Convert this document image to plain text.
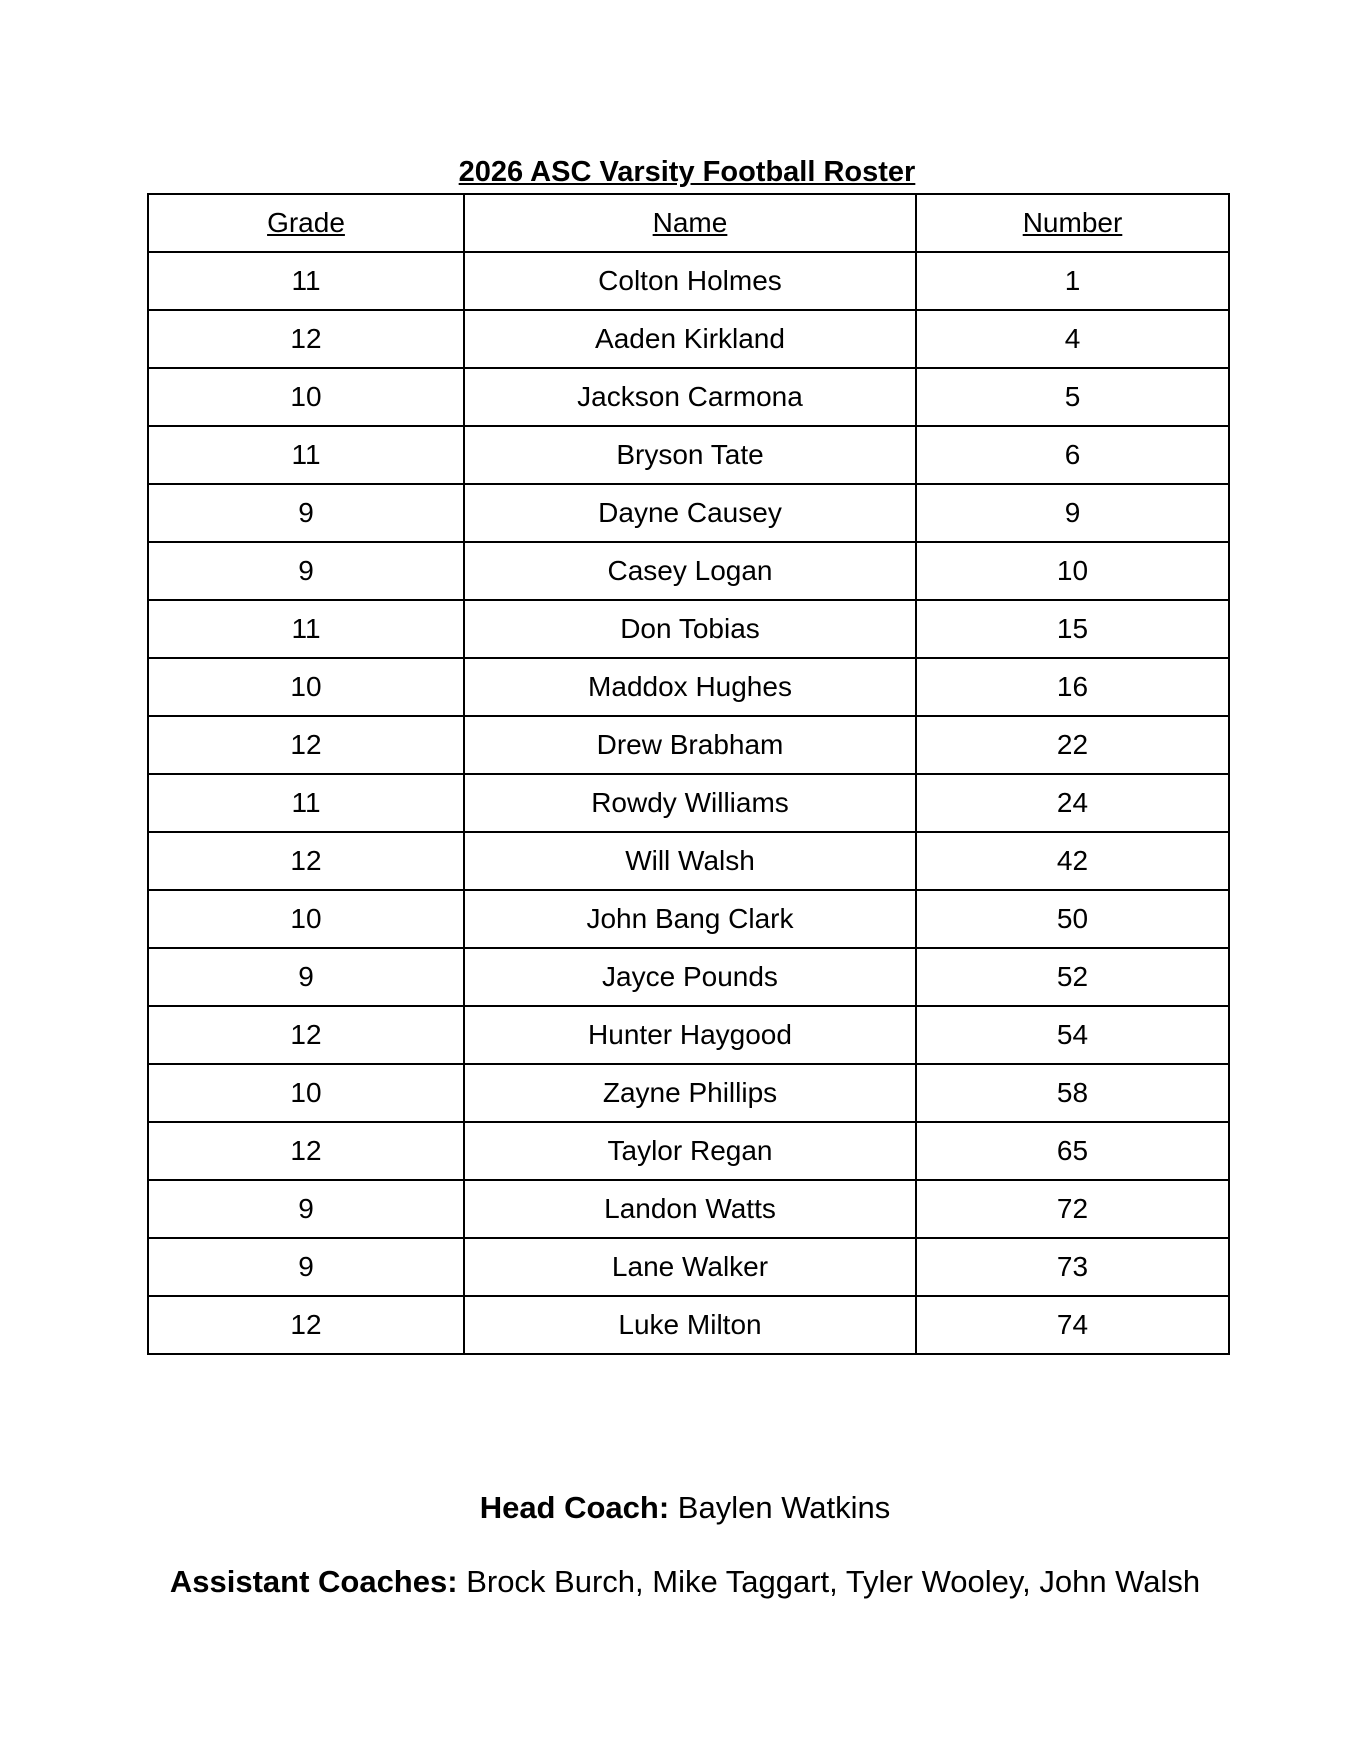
2026 ASC Varsity Football Roster
Grade	Name	Number
11	Colton Holmes	1
12	Aaden Kirkland	4
10	Jackson Carmona	5
11	Bryson Tate	6
9	Dayne Causey	9
9	Casey Logan	10
11	Don Tobias	15
10	Maddox Hughes	16
12	Drew Brabham	22
11	Rowdy Williams	24
12	Will Walsh	42
10	John Bang Clark	50
9	Jayce Pounds	52
12	Hunter Haygood	54
10	Zayne Phillips	58
12	Taylor Regan	65
9	Landon Watts	72
9	Lane Walker	73
12	Luke Milton	74
Head Coach: Baylen Watkins
Assistant Coaches: Brock Burch, Mike Taggart, Tyler Wooley, John Walsh
